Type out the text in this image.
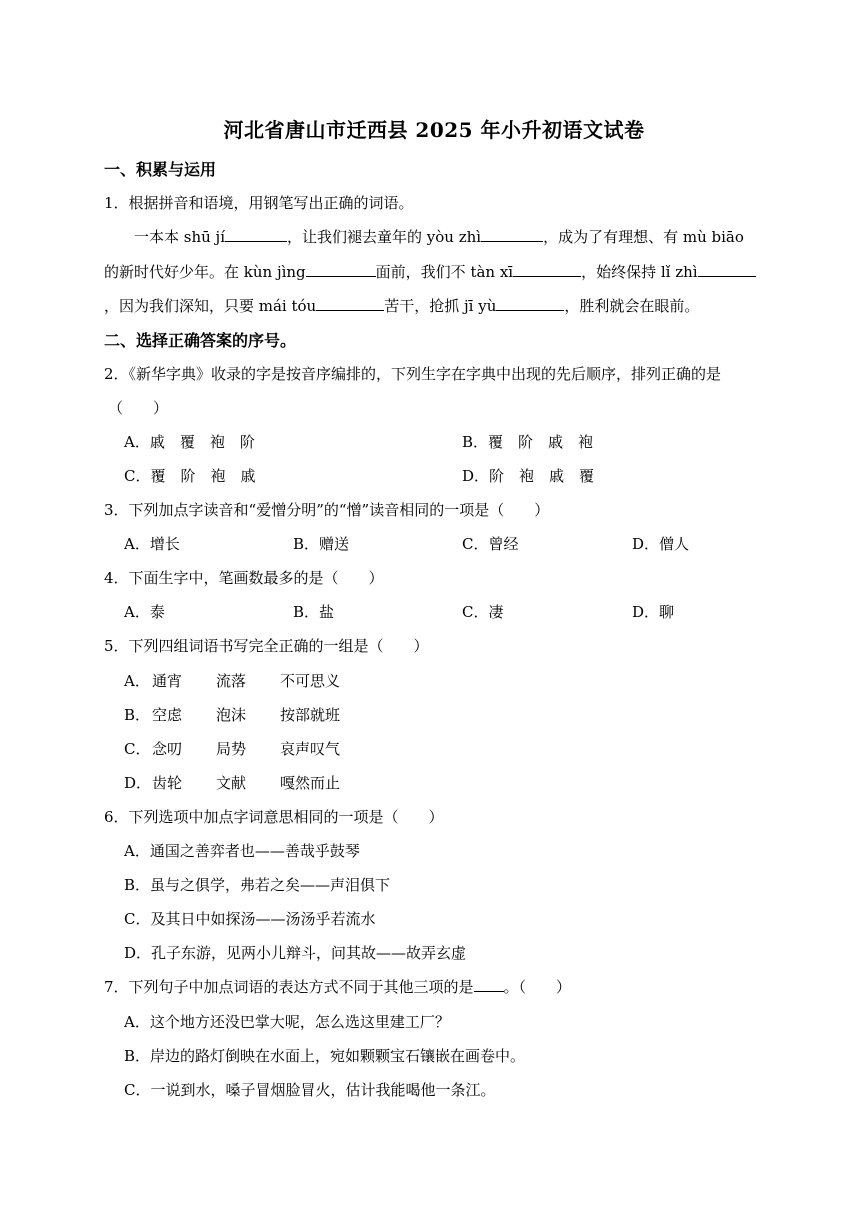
河北省唐山市迁西县 2025 年小升初语文试卷
一、积累与运用
1．根据拼音和语境，用钢笔写出正确的词语。
一本本 shū jí	，让我们褪去童年的 yòu zhì	，成为了有理想、有 mù biāo
的新时代好少年。在 kùn jìng	面前，我们不 tàn xī	，始终保持 lǐ zhì
，因为我们深知，只要 mái tóu	苦干，抢抓 jī yù	，胜利就会在眼前。
二、选择正确答案的序号。
2．《新华字典》收录的字是按音序编排的，下列生字在字典中出现的先后顺序，排列正确的是
（　　）
A．戚　覆　袍　阶	B．覆　阶　戚　袍
C．覆　阶　袍　戚	D．阶　袍　戚　覆
3．下列加点字读音和“爱憎分明”的“憎”读音相同的一项是（　　）
A．增长	B．赠送	C．曾经	D．僧人
4．下面生字中，笔画数最多的是（　　）
A．泰	B．盐	C．凄	D．聊
5．下列四组词语书写完全正确的一组是（　　）
A． 通宵 流落 不可思义
B． 空虑 泡沫 按部就班
C． 念叨 局势 哀声叹气
D． 齿轮 文献 嘎然而止
6．下列选项中加点字词意思相同的一项是（　　）
A．通国之善弈者也——善哉乎鼓琴
B．虽与之俱学，弗若之矣——声泪俱下
C．及其日中如探汤——汤汤乎若流水
D．孔子东游，见两小儿辩斗，问其故——故弄玄虚
7．下列句子中加点词语的表达方式不同于其他三项的是 。（　　）
A．这个地方还没巴掌大呢，怎么选这里建工厂？
B．岸边的路灯倒映在水面上，宛如颗颗宝石镶嵌在画卷中。
C．一说到水，嗓子冒烟脸冒火，估计我能喝他一条江。
